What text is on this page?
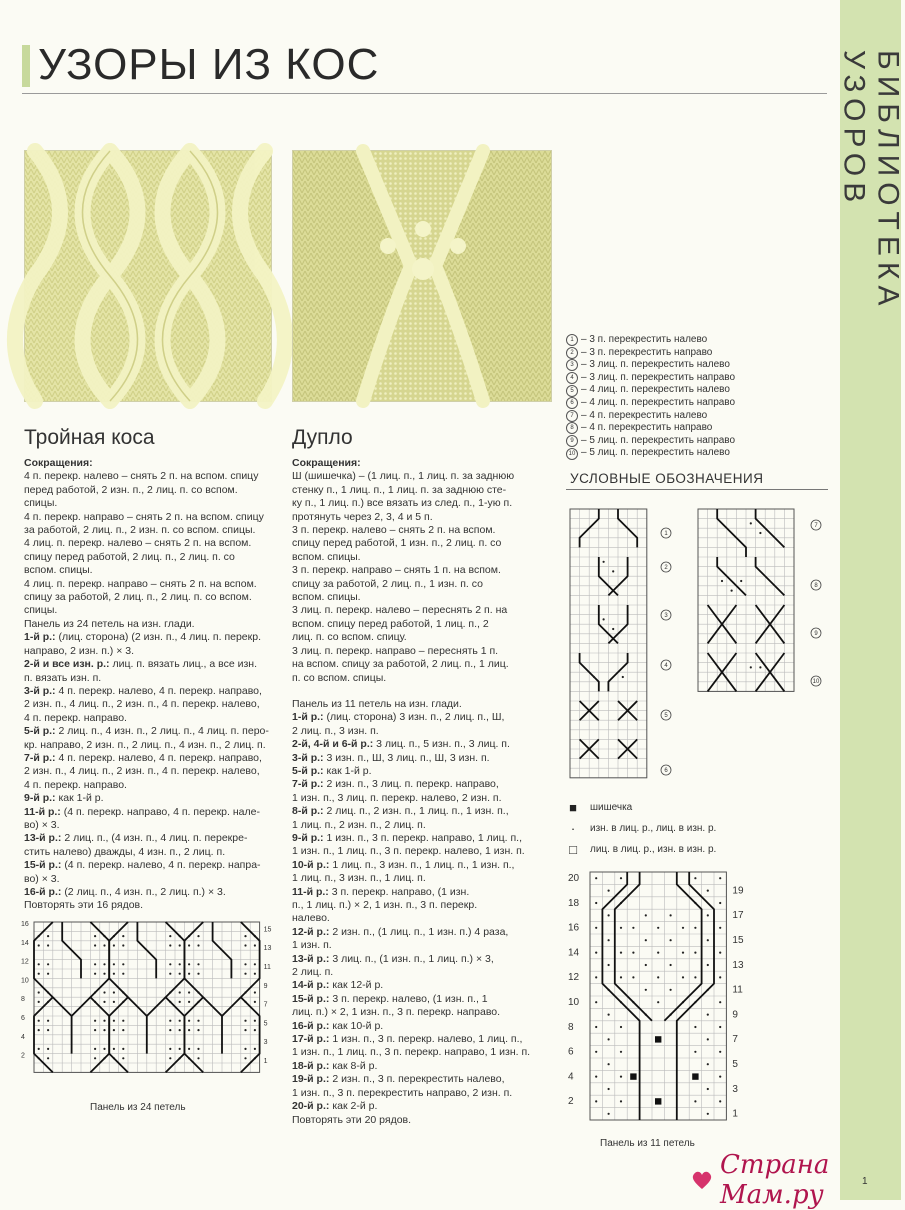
БИБЛИОТЕКА УЗОРОВ
УЗОРЫ ИЗ КОС
Тройная коса

Сокращения:

4 п. перекр. налево – снять 2 п. на вспом. спицу

перед работой, 2 изн. п., 2 лиц. п. со вспом.

спицы.

4 п. перекр. направо – снять 2 п. на вспом. спицу

за работой, 2 лиц. п., 2 изн. п. со вспом. спицы.

4 лиц. п. перекр. налево – снять 2 п. на вспом.

спицу перед работой, 2 лиц. п., 2 лиц. п. со

вспом. спицы.

4 лиц. п. перекр. направо – снять 2 п. на вспом.

спицу за работой, 2 лиц. п., 2 лиц. п. со вспом.

спицы.

Панель из 24 петель на изн. глади.

1-й р.: (лиц. сторона) (2 изн. п., 4 лиц. п. перекр.

направо, 2 изн. п.) × 3.

2-й и все изн. р.: лиц. п. вязать лиц., а все изн.

п. вязать изн. п.

3-й р.: 4 п. перекр. налево, 4 п. перекр. направо,

2 изн. п., 4 лиц. п., 2 изн. п., 4 п. перекр. налево,

4 п. перекр. направо.

5-й р.: 2 лиц. п., 4 изн. п., 2 лиц. п., 4 лиц. п. перо-

кр. направо, 2 изн. п., 2 лиц. п., 4 изн. п., 2 лиц. п.

7-й р.: 4 п. перекр. налево, 4 п. перекр. направо,

2 изн. п., 4 лиц. п., 2 изн. п., 4 п. перекр. налево,

4 п. перекр. направо.

9-й р.: как 1-й р.

11-й р.: (4 п. перекр. направо, 4 п. перекр. нале-

во) × 3.

13-й р.: 2 лиц. п., (4 изн. п., 4 лиц. п. перекре-

стить налево) дважды, 4 изн. п., 2 лиц. п.

15-й р.: (4 п. перекр. налево, 4 п. перекр. напра-

во) × 3.

16-й р.: (2 лиц. п., 4 изн. п., 2 лиц. п.) × 3.

Повторять эти 16 рядов.

15
13
11
9
7
5
3
1
16
14
12
10
8
6
4
2
Панель из 24 петель
Дупло

Сокращения:

Ш (шишечка) – (1 лиц. п., 1 лиц. п. за заднюю

стенку п., 1 лиц. п., 1 лиц. п. за заднюю сте-

ку п., 1 лиц. п.) все вязать из след. п., 1-ую п.

протянуть через 2, 3, 4 и 5 п.

3 п. перекр. налево – снять 2 п. на вспом.

спицу перед работой, 1 изн. п., 2 лиц. п. со

вспом. спицы.

3 п. перекр. направо – снять 1 п. на вспом.

спицу за работой, 2 лиц. п., 1 изн. п. со

вспом. спицы.

3 лиц. п. перекр. налево – переснять 2 п. на

вспом. спицу перед работой, 1 лиц. п., 2

лиц. п. со вспом. спицу.

3 лиц. п. перекр. направо – переснять 1 п.

на вспом. спицу за работой, 2 лиц. п., 1 лиц.

п. со вспом. спицы.

Панель из 11 петель на изн. глади.

1-й р.: (лиц. сторона) 3 изн. п., 2 лиц. п., Ш,

2 лиц. п., 3 изн. п.

2-й, 4-й и 6-й р.: 3 лиц. п., 5 изн. п., 3 лиц. п.

3-й р.: 3 изн. п., Ш, 3 лиц. п., Ш, 3 изн. п.

5-й р.: как 1-й р.

7-й р.: 2 изн. п., 3 лиц. п. перекр. направо,

1 изн. п., 3 лиц. п. перекр. налево, 2 изн. п.

8-й р.: 2 лиц. п., 2 изн. п., 1 лиц. п., 1 изн. п.,

1 лиц. п., 2 изн. п., 2 лиц. п.

9-й р.: 1 изн. п., 3 п. перекр. направо, 1 лиц. п.,

1 изн. п., 1 лиц. п., 3 п. перекр. налево, 1 изн. п.

10-й р.: 1 лиц. п., 3 изн. п., 1 лиц. п., 1 изн. п.,

1 лиц. п., 3 изн. п., 1 лиц. п.

11-й р.: 3 п. перекр. направо, (1 изн.

п., 1 лиц. п.) × 2, 1 изн. п., 3 п. перекр.

налево.

12-й р.: 2 изн. п., (1 лиц. п., 1 изн. п.) 4 раза,

1 изн. п.

13-й р.: 3 лиц. п., (1 изн. п., 1 лиц. п.) × 3,

2 лиц. п.

14-й р.: как 12-й р.

15-й р.: 3 п. перекр. налево, (1 изн. п., 1

лиц. п.) × 2, 1 изн. п., 3 п. перекр. направо.

16-й р.: как 10-й р.

17-й р.: 1 изн. п., 3 п. перекр. налево, 1 лиц. п.,

1 изн. п., 1 лиц. п., 3 п. перекр. направо, 1 изн. п.

18-й р.: как 8-й р.

19-й р.: 2 изн. п., 3 п. перекрестить налево,

1 изн. п., 3 п. перекрестить направо, 2 изн. п.

20-й р.: как 2-й р.

Повторять эти 20 рядов.

1 – 3 п. перекрестить налево
2 – 3 п. перекрестить направо
3 – 3 лиц. п. перекрестить налево
4 – 3 лиц. п. перекрестить направо
5 – 4 лиц. п. перекрестить налево
6 – 4 лиц. п. перекрестить направо
7 – 4 п. перекрестить налево
8 – 4 п. перекрестить направо
9 – 5 лиц. п. перекрестить направо
10 – 5 лиц. п. перекрестить налево
УСЛОВНЫЕ ОБОЗНАЧЕНИЯ
1
2
3
4
5
6
7
8
9
10
■	шишечка
·	изн. в лиц. р., лиц. в изн. р.
□	лиц. в лиц. р., изн. в изн. р.
20
18
16
14
12
10
8
6
4
2
19
17
15
13
11
9
7
5
3
1
Панель из 11 петель
Страна Мам.ру	1
